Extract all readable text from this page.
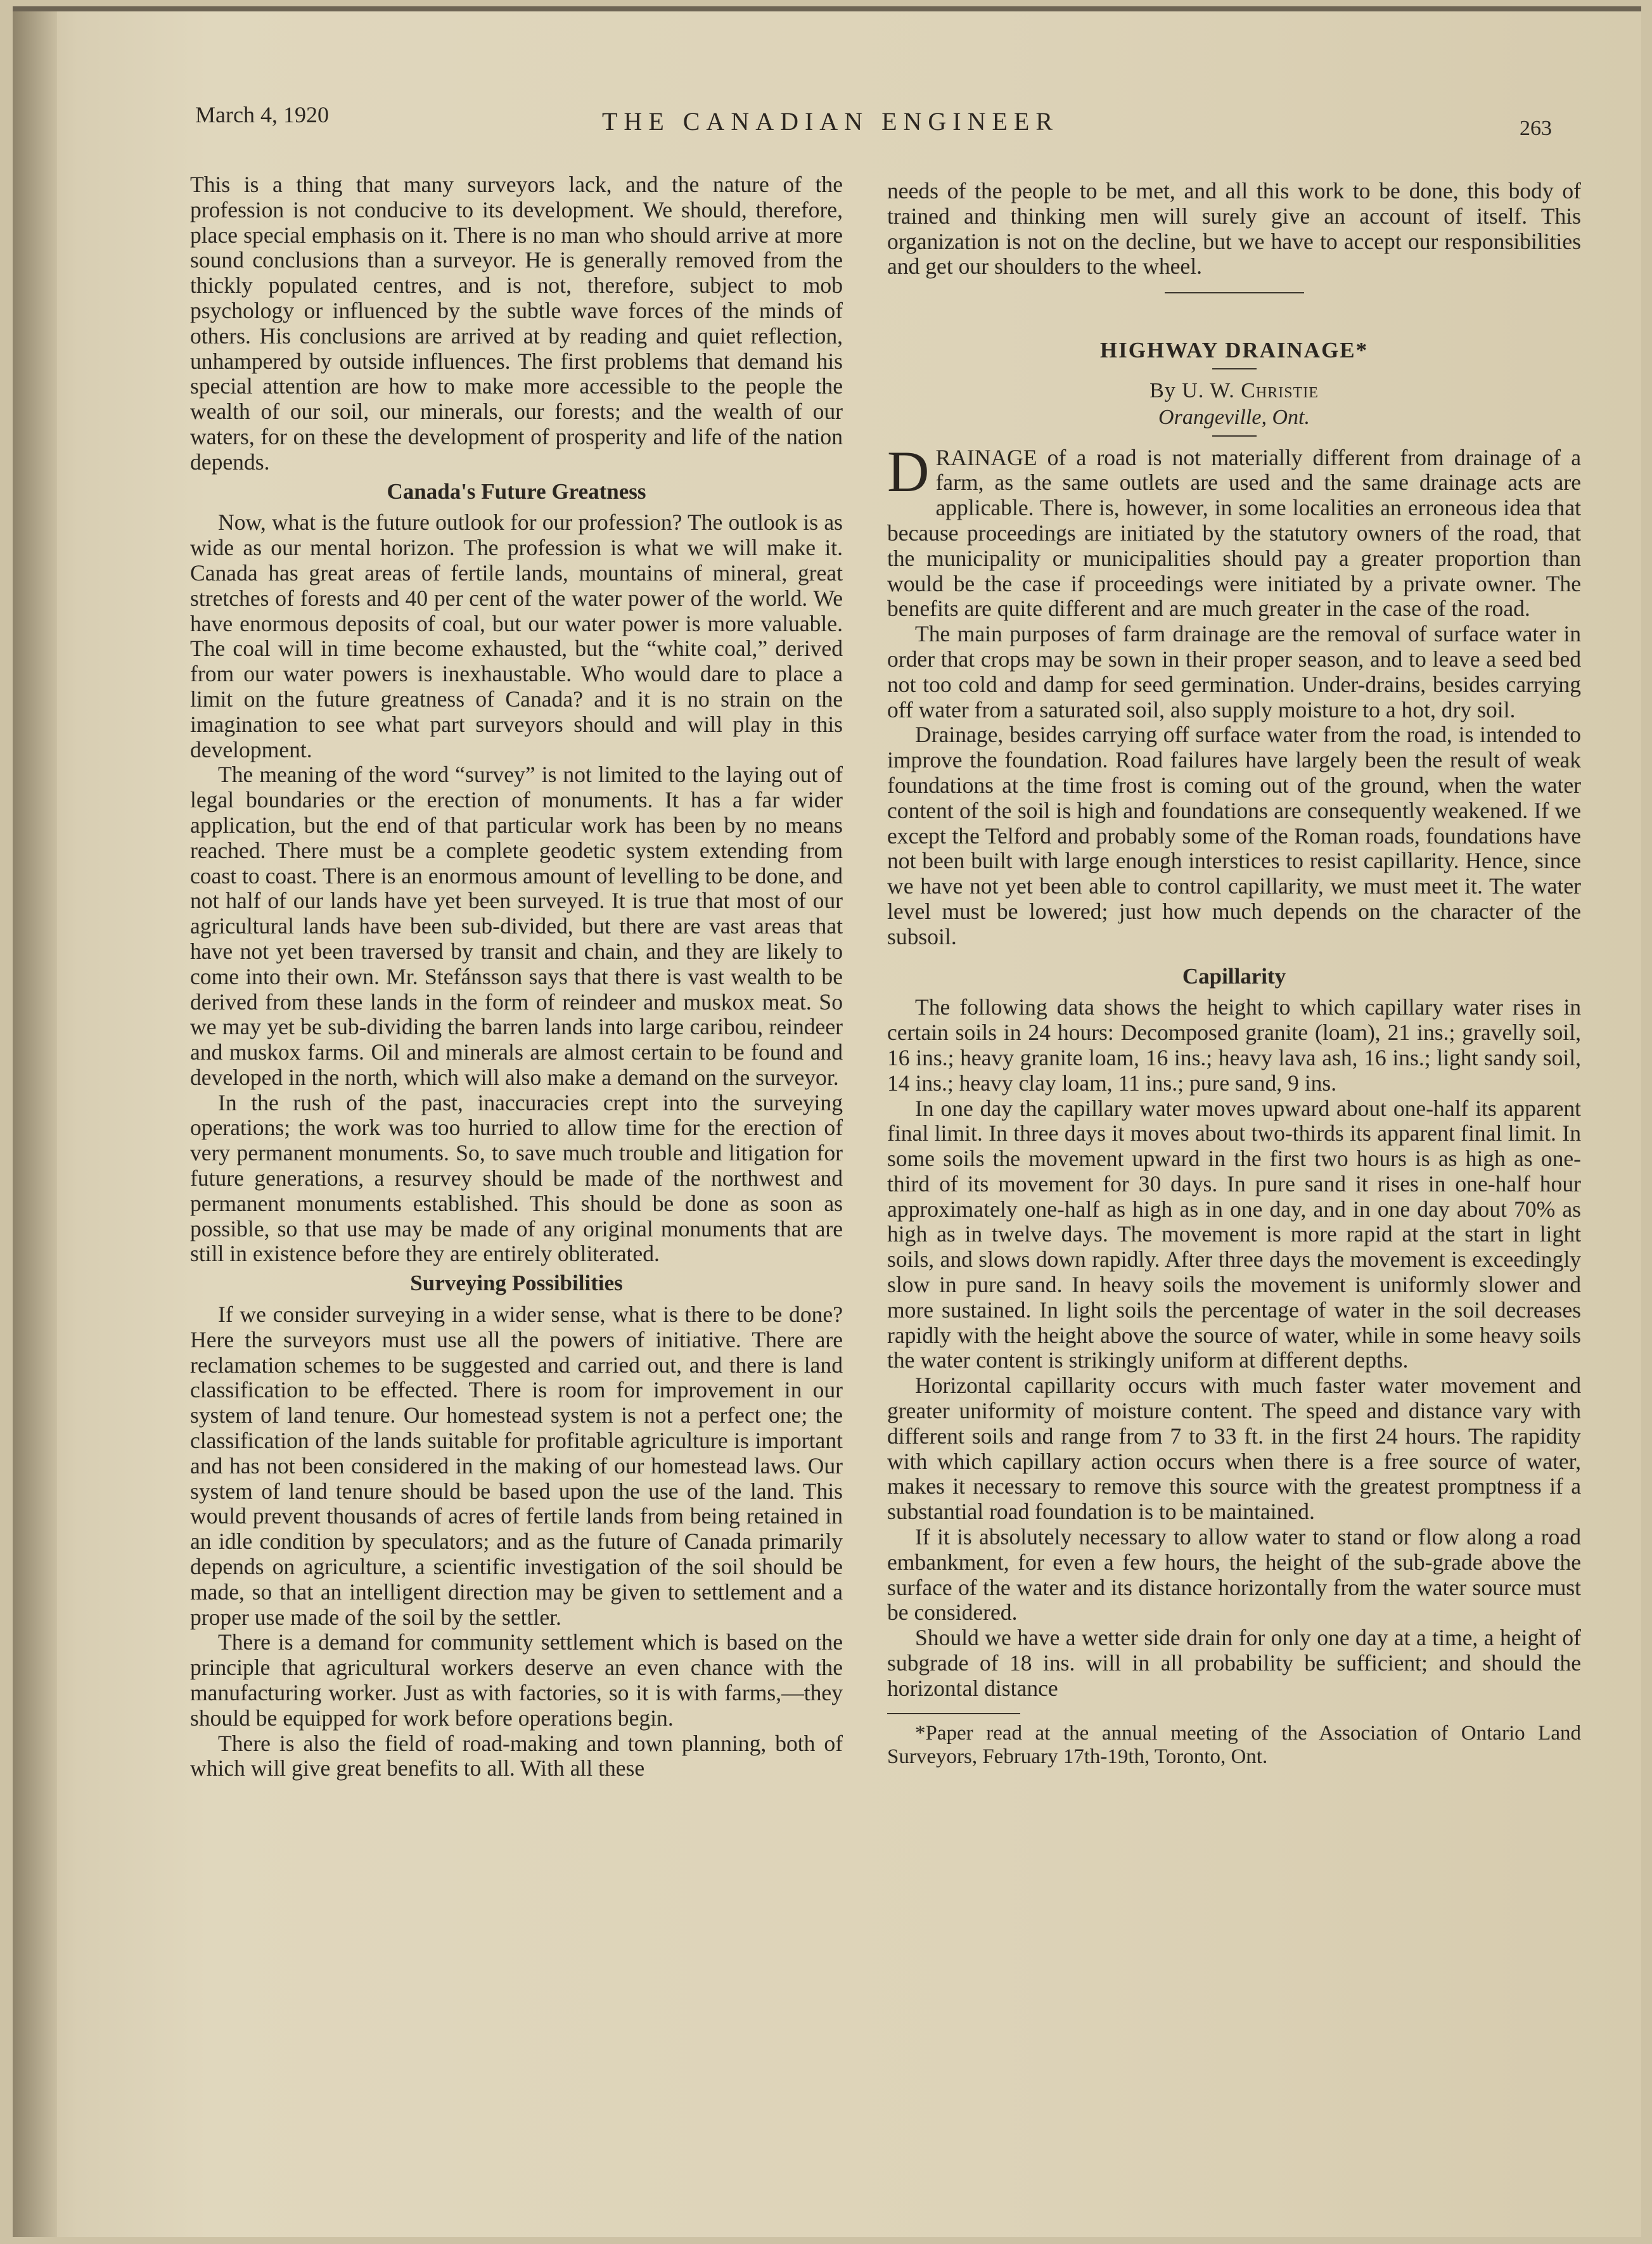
March 4, 1920	THE CANADIAN ENGINEER	263

This is a thing that many surveyors lack, and the nature of the profession is not conducive to its development. We should, therefore, place special emphasis on it. There is no man who should arrive at more sound conclusions than a surveyor. He is generally removed from the thickly populated centres, and is not, therefore, subject to mob psychology or influenced by the subtle wave forces of the minds of others. His conclusions are arrived at by reading and quiet reflection, unhampered by outside influences. The first problems that demand his special attention are how to make more accessible to the people the wealth of our soil, our minerals, our forests; and the wealth of our waters, for on these the development of prosperity and life of the nation depends.

Canada's Future Greatness

Now, what is the future outlook for our profession? The outlook is as wide as our mental horizon. The profession is what we will make it. Canada has great areas of fertile lands, mountains of mineral, great stretches of forests and 40 per cent of the water power of the world. We have enormous deposits of coal, but our water power is more valuable. The coal will in time become exhausted, but the “white coal,” derived from our water powers is inexhaustable. Who would dare to place a limit on the future greatness of Canada? and it is no strain on the imagination to see what part surveyors should and will play in this development.

The meaning of the word “survey” is not limited to the laying out of legal boundaries or the erection of monuments. It has a far wider application, but the end of that particular work has been by no means reached. There must be a complete geodetic system extending from coast to coast. There is an enormous amount of levelling to be done, and not half of our lands have yet been surveyed. It is true that most of our agricultural lands have been sub-divided, but there are vast areas that have not yet been traversed by transit and chain, and they are likely to come into their own. Mr. Stefánsson says that there is vast wealth to be derived from these lands in the form of reindeer and muskox meat. So we may yet be sub-dividing the barren lands into large caribou, reindeer and muskox farms. Oil and minerals are almost certain to be found and developed in the north, which will also make a demand on the surveyor.

In the rush of the past, inaccuracies crept into the surveying operations; the work was too hurried to allow time for the erection of very permanent monuments. So, to save much trouble and litigation for future generations, a resurvey should be made of the northwest and permanent monuments established. This should be done as soon as possible, so that use may be made of any original monuments that are still in existence before they are entirely obliterated.

Surveying Possibilities

If we consider surveying in a wider sense, what is there to be done? Here the surveyors must use all the powers of initiative. There are reclamation schemes to be suggested and carried out, and there is land classification to be effected. There is room for improvement in our system of land tenure. Our homestead system is not a perfect one; the classification of the lands suitable for profitable agriculture is important and has not been considered in the making of our homestead laws. Our system of land tenure should be based upon the use of the land. This would prevent thousands of acres of fertile lands from being retained in an idle condition by speculators; and as the future of Canada primarily depends on agriculture, a scientific investigation of the soil should be made, so that an intelligent direction may be given to settlement and a proper use made of the soil by the settler.

There is a demand for community settlement which is based on the principle that agricultural workers deserve an even chance with the manufacturing worker. Just as with factories, so it is with farms,—they should be equipped for work before operations begin.

There is also the field of road-making and town planning, both of which will give great benefits to all. With all these

needs of the people to be met, and all this work to be done, this body of trained and thinking men will surely give an account of itself. This organization is not on the decline, but we have to accept our responsibilities and get our shoulders to the wheel.

HIGHWAY DRAINAGE*
By U. W. Christie
Orangeville, Ont.

DRAINAGE of a road is not materially different from drainage of a farm, as the same outlets are used and the same drainage acts are applicable. There is, however, in some localities an erroneous idea that because proceedings are initiated by the statutory owners of the road, that the municipality or municipalities should pay a greater proportion than would be the case if proceedings were initiated by a private owner. The benefits are quite different and are much greater in the case of the road.

The main purposes of farm drainage are the removal of surface water in order that crops may be sown in their proper season, and to leave a seed bed not too cold and damp for seed germination. Under-drains, besides carrying off water from a saturated soil, also supply moisture to a hot, dry soil.

Drainage, besides carrying off surface water from the road, is intended to improve the foundation. Road failures have largely been the result of weak foundations at the time frost is coming out of the ground, when the water content of the soil is high and foundations are consequently weakened. If we except the Telford and probably some of the Roman roads, foundations have not been built with large enough interstices to resist capillarity. Hence, since we have not yet been able to control capillarity, we must meet it. The water level must be lowered; just how much depends on the character of the subsoil.

Capillarity

The following data shows the height to which capillary water rises in certain soils in 24 hours: Decomposed granite (loam), 21 ins.; gravelly soil, 16 ins.; heavy granite loam, 16 ins.; heavy lava ash, 16 ins.; light sandy soil, 14 ins.; heavy clay loam, 11 ins.; pure sand, 9 ins.

In one day the capillary water moves upward about one-half its apparent final limit. In three days it moves about two-thirds its apparent final limit. In some soils the movement upward in the first two hours is as high as one-third of its movement for 30 days. In pure sand it rises in one-half hour approximately one-half as high as in one day, and in one day about 70% as high as in twelve days. The movement is more rapid at the start in light soils, and slows down rapidly. After three days the movement is exceedingly slow in pure sand. In heavy soils the movement is uniformly slower and more sustained. In light soils the percentage of water in the soil decreases rapidly with the height above the source of water, while in some heavy soils the water content is strikingly uniform at different depths.

Horizontal capillarity occurs with much faster water movement and greater uniformity of moisture content. The speed and distance vary with different soils and range from 7 to 33 ft. in the first 24 hours. The rapidity with which capillary action occurs when there is a free source of water, makes it necessary to remove this source with the greatest promptness if a substantial road foundation is to be maintained.

If it is absolutely necessary to allow water to stand or flow along a road embankment, for even a few hours, the height of the sub-grade above the surface of the water and its distance horizontally from the water source must be considered.

Should we have a wetter side drain for only one day at a time, a height of subgrade of 18 ins. will in all probability be sufficient; and should the horizontal distance

*Paper read at the annual meeting of the Association of Ontario Land Surveyors, February 17th-19th, Toronto, Ont.
